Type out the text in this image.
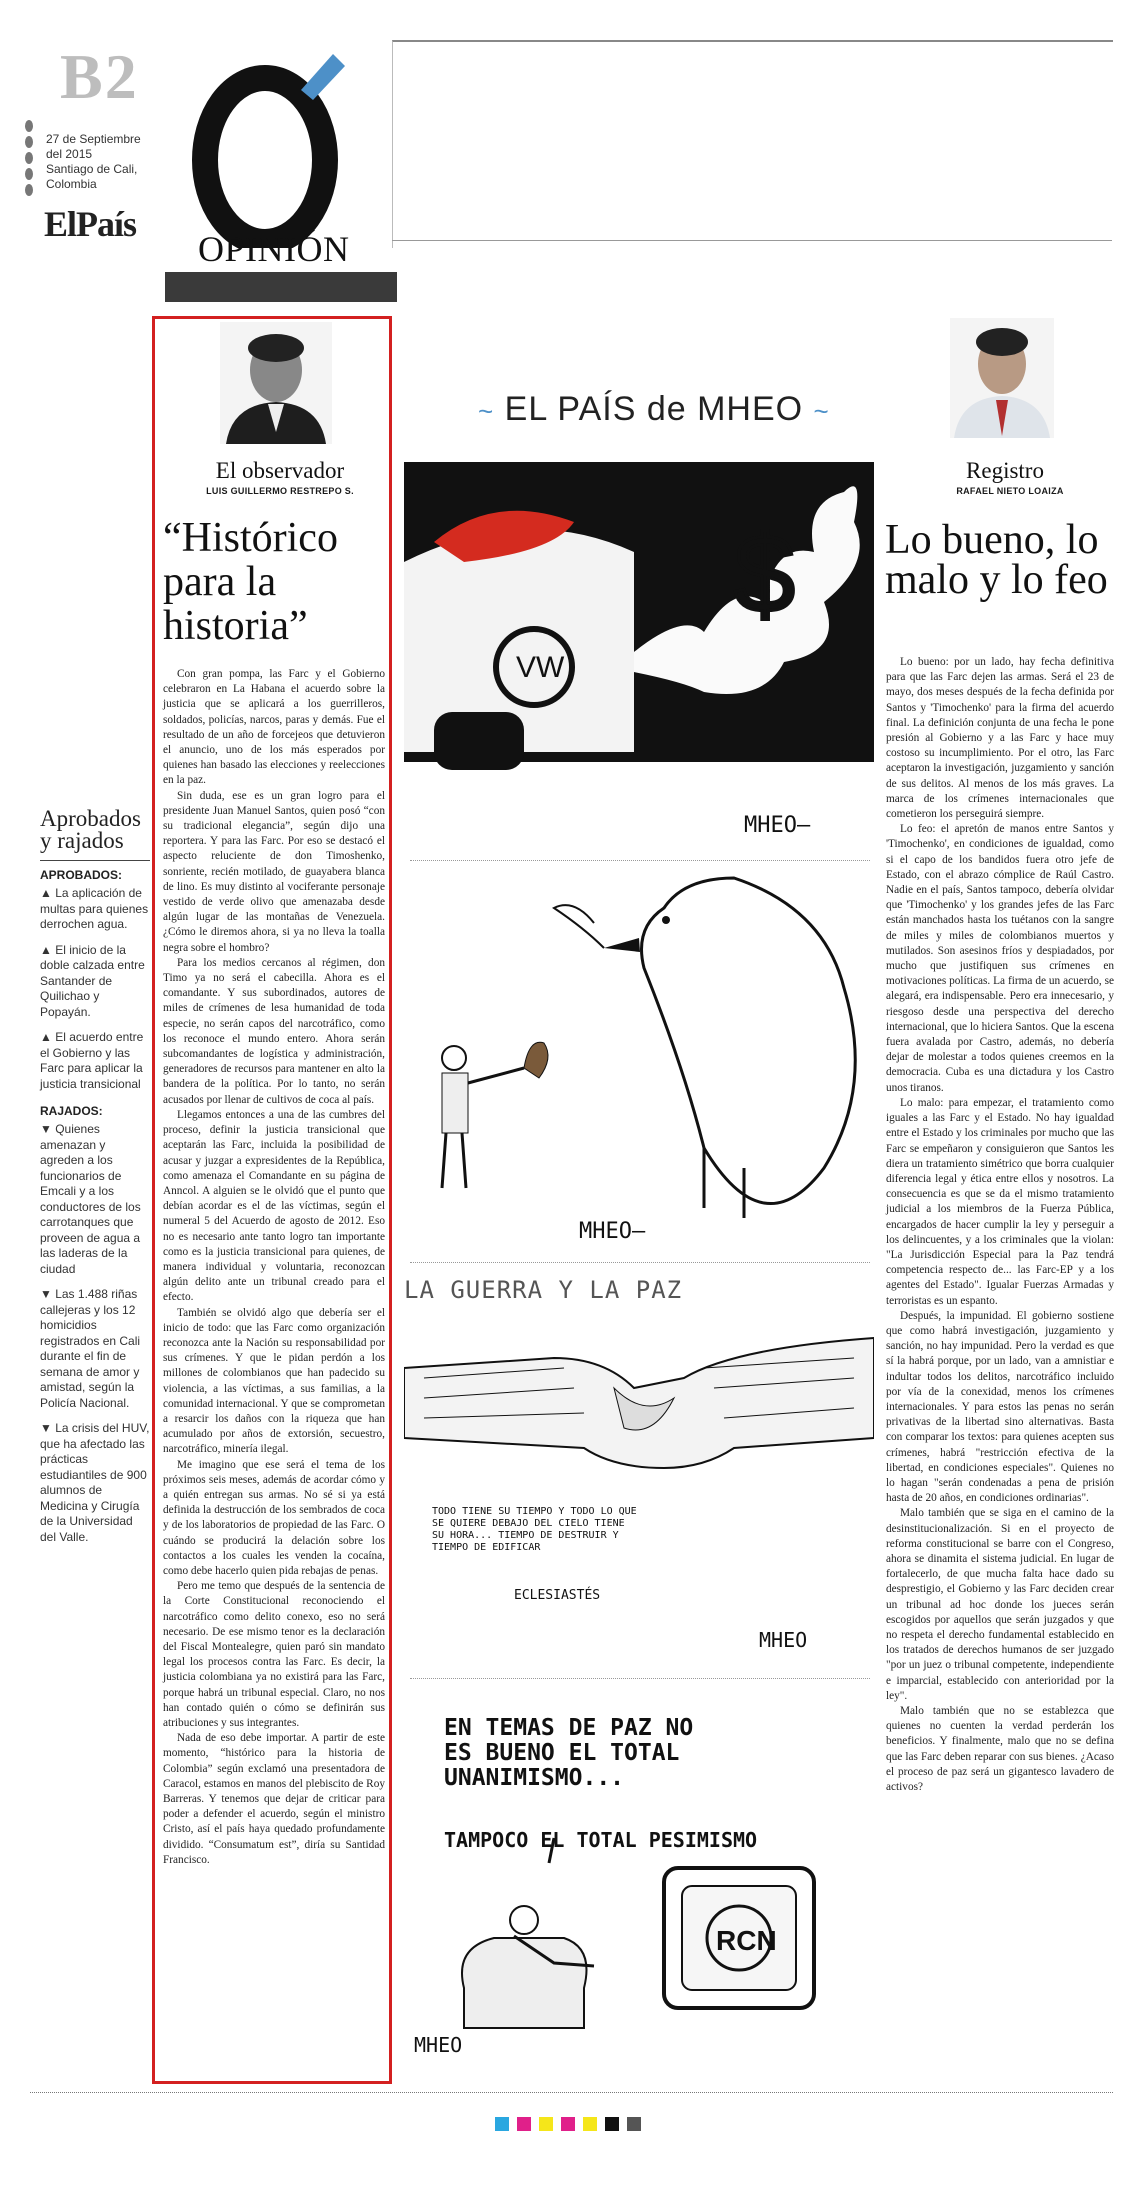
B2
27 de Septiembre
del 2015
Santiago de Cali,
Colombia
ElPaís
OPINIÓN
Aprobados y rajados
APROBADOS:
▲ La aplicación de multas para quienes derrochen agua.
▲ El inicio de la doble calzada entre Santander de Quilichao y Popayán.
▲ El acuerdo entre el Gobierno y las Farc para aplicar la justicia transicional
RAJADOS:
▼ Quienes amenazan y agreden a los funcionarios de Emcali y a los conductores de los carrotanques que proveen de agua a las laderas de la ciudad
▼ Las 1.488 riñas callejeras y los 12 homicidios registrados en Cali durante el fin de semana de amor y amistad, según la Policía Nacional.
▼ La crisis del HUV, que ha afectado las prácticas estudiantiles de 900 alumnos de Medicina y Cirugía de la Universidad del Valle.
El observador
LUIS GUILLERMO RESTREPO S.
“Histórico para la historia”

Con gran pompa, las Farc y el Gobierno celebraron en La Habana el acuerdo sobre la justicia que se aplicará a los guerrilleros, soldados, policías, narcos, paras y demás. Fue el resultado de un año de forcejeos que detuvieron el anuncio, uno de los más esperados por quienes han basado las elecciones y reelecciones en la paz.

Sin duda, ese es un gran logro para el presidente Juan Manuel Santos, quien posó “con su tradicional elegancia”, según dijo una reportera. Y para las Farc. Por eso se destacó el aspecto reluciente de don Timoshenko, sonriente, recién motilado, de guayabera blanca de lino. Es muy distinto al vociferante personaje vestido de verde olivo que amenazaba desde algún lugar de las montañas de Venezuela. ¿Cómo le diremos ahora, si ya no lleva la toalla negra sobre el hombro?

Para los medios cercanos al régimen, don Timo ya no será el cabecilla. Ahora es el comandante. Y sus subordinados, autores de miles de crímenes de lesa humanidad de toda especie, no serán capos del narcotráfico, como los reconoce el mundo entero. Ahora serán subcomandantes de logística y administración, generadores de recursos para mantener en alto la bandera de la política. Por lo tanto, no serán acusados por llenar de cultivos de coca al país.

Llegamos entonces a una de las cumbres del proceso, definir la justicia transicional que aceptarán las Farc, incluida la posibilidad de acusar y juzgar a expresidentes de la República, como amenaza el Comandante en su página de Anncol. A alguien se le olvidó que el punto que debían acordar es el de las víctimas, según el numeral 5 del Acuerdo de agosto de 2012. Eso no es necesario ante tanto logro tan importante como es la justicia transicional para quienes, de manera individual y voluntaria, reconozcan algún delito ante un tribunal creado para el efecto.

También se olvidó algo que debería ser el inicio de todo: que las Farc como organización reconozca ante la Nación su responsabilidad por sus crímenes. Y que le pidan perdón a los millones de colombianos que han padecido su violencia, a las víctimas, a sus familias, a la comunidad internacional. Y que se comprometan a resarcir los daños con la riqueza que han acumulado por años de extorsión, secuestro, narcotráfico, minería ilegal.

Me imagino que ese será el tema de los próximos seis meses, además de acordar cómo y a quién entregan sus armas. No sé si ya está definida la destrucción de los sembrados de coca y de los laboratorios de propiedad de las Farc. O cuándo se producirá la delación sobre los contactos a los cuales les venden la cocaína, como debe hacerlo quien pida rebajas de penas.

Pero me temo que después de la sentencia de la Corte Constitucional reconociendo el narcotráfico como delito conexo, eso no será necesario. De ese mismo tenor es la declaración del Fiscal Montealegre, quien paró sin mandato legal los procesos contra las Farc. Es decir, la justicia colombiana ya no existirá para las Farc, porque habrá un tribunal especial. Claro, no nos han contado quién o cómo se definirán sus atribuciones y sus integrantes.

Nada de eso debe importar. A partir de este momento, “histórico para la historia de Colombia” según exclamó una presentadora de Caracol, estamos en manos del plebiscito de Roy Barreras. Y tenemos que dejar de criticar para poder a defender el acuerdo, según el ministro Cristo, así el país haya quedado profundamente dividido. “Consumatum est”, diría su Santidad Francisco.

~ EL PAÍS de MHEO ~
VW
$
MHEO—
MHEO—
LA GUERRA Y LA PAZ
TODO TIENE SU TIEMPO Y TODO LO QUE SE QUIERE DEBAJO DEL CIELO TIENE SU HORA... TIEMPO DE DESTRUIR Y TIEMPO DE EDIFICAR
ECLESIASTÉS
MHEO
RCN
EN TEMAS DE PAZ NO ES BUENO EL TOTAL UNANIMISMO...
TAMPOCO EL TOTAL PESIMISMO
MHEO
Registro
RAFAEL NIETO LOAIZA
Lo bueno, lo malo y lo feo

Lo bueno: por un lado, hay fecha definitiva para que las Farc dejen las armas. Será el 23 de mayo, dos meses después de la fecha definida por Santos y 'Timochenko' para la firma del acuerdo final. La definición conjunta de una fecha le pone presión al Gobierno y a las Farc y hace muy costoso su incumplimiento. Por el otro, las Farc aceptaron la investigación, juzgamiento y sanción de sus delitos. Al menos de los más graves. La marca de los crímenes internacionales que cometieron los perseguirá siempre.

Lo feo: el apretón de manos entre Santos y 'Timochenko', en condiciones de igualdad, como si el capo de los bandidos fuera otro jefe de Estado, con el abrazo cómplice de Raúl Castro. Nadie en el país, Santos tampoco, debería olvidar que 'Timochenko' y los grandes jefes de las Farc están manchados hasta los tuétanos con la sangre de miles y miles de colombianos muertos y mutilados. Son asesinos fríos y despiadados, por mucho que justifiquen sus crímenes en motivaciones políticas. La firma de un acuerdo, se alegará, era indispensable. Pero era innecesario, y riesgoso desde una perspectiva del derecho internacional, que lo hiciera Santos. Que la escena fuera avalada por Castro, además, no debería dejar de molestar a todos quienes creemos en la democracia. Cuba es una dictadura y los Castro unos tiranos.

Lo malo: para empezar, el tratamiento como iguales a las Farc y el Estado. No hay igualdad entre el Estado y los criminales por mucho que las Farc se empeñaron y consiguieron que Santos les diera un tratamiento simétrico que borra cualquier diferencia legal y ética entre ellos y nosotros. La consecuencia es que se da el mismo tratamiento judicial a los miembros de la Fuerza Pública, encargados de hacer cumplir la ley y perseguir a los delincuentes, y a los criminales que la violan: "La Jurisdicción Especial para la Paz tendrá competencia respecto de... las Farc-EP y a los agentes del Estado". Igualar Fuerzas Armadas y terroristas es un espanto.

Después, la impunidad. El gobierno sostiene que como habrá investigación, juzgamiento y sanción, no hay impunidad. Pero la verdad es que sí la habrá porque, por un lado, van a amnistiar e indultar todos los delitos, narcotráfico incluido por vía de la conexidad, menos los crímenes internacionales. Y para estos las penas no serán privativas de la libertad sino alternativas. Basta con comparar los textos: para quienes acepten sus crímenes, habrá "restricción efectiva de la libertad, en condiciones especiales". Quienes no lo hagan "serán condenadas a pena de prisión hasta de 20 años, en condiciones ordinarias".

Malo también que se siga en el camino de la desinstitucionalización. Si en el proyecto de reforma constitucional se barre con el Congreso, ahora se dinamita el sistema judicial. En lugar de fortalecerlo, de que mucha falta hace dado su desprestigio, el Gobierno y las Farc deciden crear un tribunal ad hoc donde los jueces serán escogidos por aquellos que serán juzgados y que no respeta el derecho fundamental establecido en los tratados de derechos humanos de ser juzgado "por un juez o tribunal competente, independiente e imparcial, establecido con anterioridad por la ley".

Malo también que no se establezca que quienes no cuenten la verdad perderán los beneficios. Y finalmente, malo que no se defina que las Farc deben reparar con sus bienes. ¿Acaso el proceso de paz será un gigantesco lavadero de activos?
